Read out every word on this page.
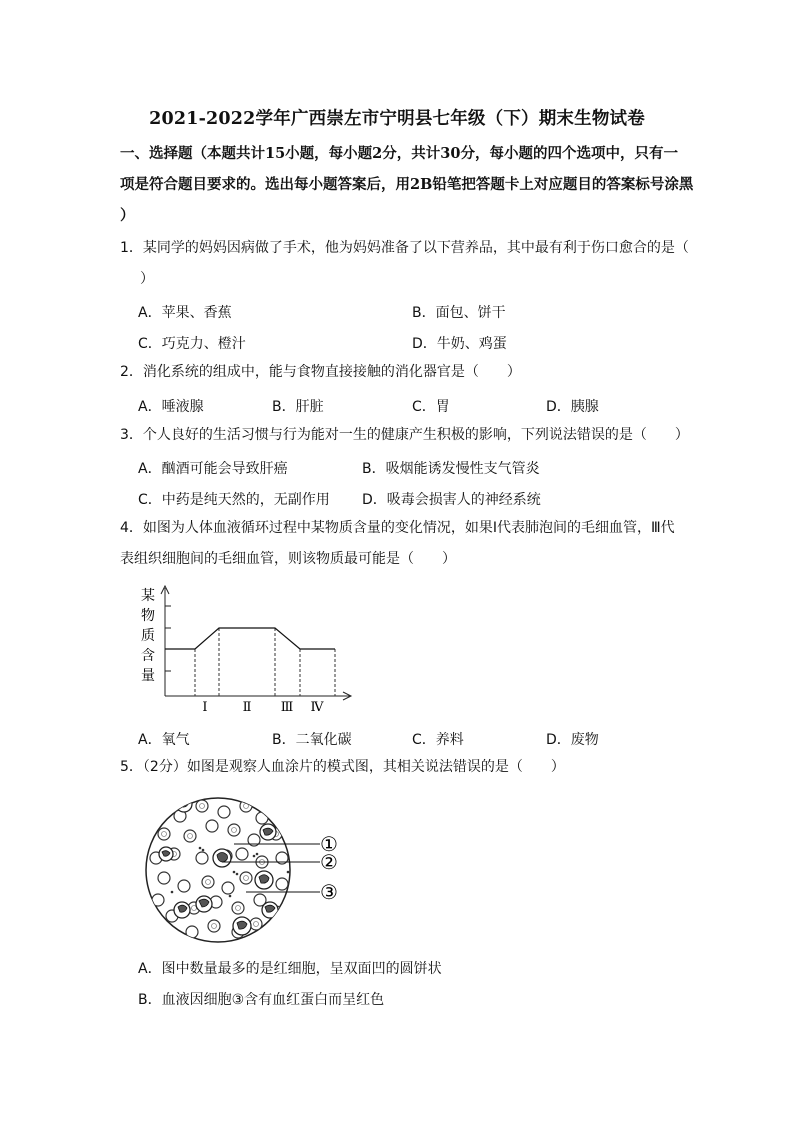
2021-2022学年广西崇左市宁明县七年级（下）期末生物试卷
一、选择题（本题共计15小题，每小题2分，共计30分，每小题的四个选项中，只有一
项是符合题目要求的。选出每小题答案后，用2B铅笔把答题卡上对应题目的答案标号涂黑
）
1．某同学的妈妈因病做了手术，他为妈妈准备了以下营养品，其中最有利于伤口愈合的是（
）
A．苹果、香蕉	B．面包、饼干
C．巧克力、橙汁	D．牛奶、鸡蛋
2．消化系统的组成中，能与食物直接接触的消化器官是（　　）
A．唾液腺	B．肝脏	C．胃	D．胰腺
3．个人良好的生活习惯与行为能对一生的健康产生积极的影响，下列说法错误的是（　　）
A．酗酒可能会导致肝癌	B．吸烟能诱发慢性支气管炎
C．中药是纯天然的，无副作用 D．吸毒会损害人的神经系统
4．如图为人体血液循环过程中某物质含量的变化情况，如果Ⅰ代表肺泡间的毛细血管，Ⅲ代
表组织细胞间的毛细血管，则该物质最可能是（　　）
某
物
质
含
量
Ⅰ	Ⅱ Ⅲ Ⅳ
A．氧气	B．二氧化碳	C．养料	D．废物
5．（2分）如图是观察人血涂片的模式图，其相关说法错误的是（　　）
①
②
③
A．图中数量最多的是红细胞，呈双面凹的圆饼状
B．血液因细胞③含有血红蛋白而呈红色
